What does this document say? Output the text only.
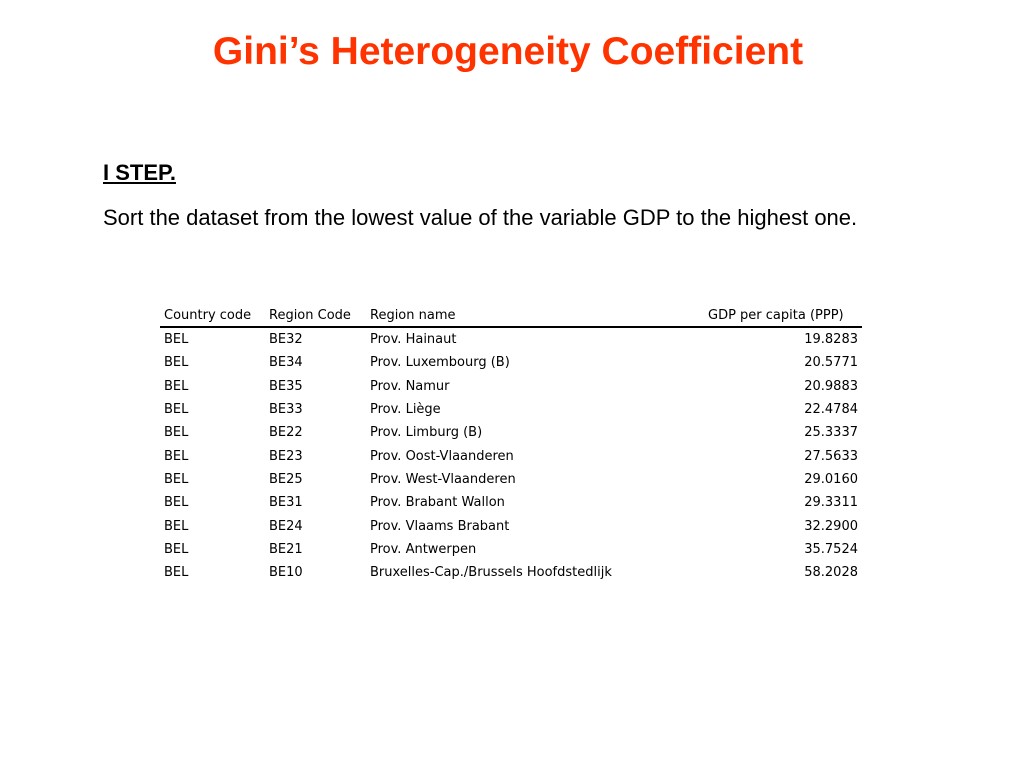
Gini’s Heterogeneity Coefficient

I STEP.

Sort the dataset from the lowest value of the variable GDP to the highest one.

Country code	Region Code	Region name	GDP per capita (PPP)
BEL	BE32	Prov. Hainaut	19.8283
BEL	BE34	Prov. Luxembourg (B)	20.5771
BEL	BE35	Prov. Namur	20.9883
BEL	BE33	Prov. Liège	22.4784
BEL	BE22	Prov. Limburg (B)	25.3337
BEL	BE23	Prov. Oost-Vlaanderen	27.5633
BEL	BE25	Prov. West-Vlaanderen	29.0160
BEL	BE31	Prov. Brabant Wallon	29.3311
BEL	BE24	Prov. Vlaams Brabant	32.2900
BEL	BE21	Prov. Antwerpen	35.7524
BEL	BE10	Bruxelles-Cap./Brussels Hoofdstedlijk	58.2028
